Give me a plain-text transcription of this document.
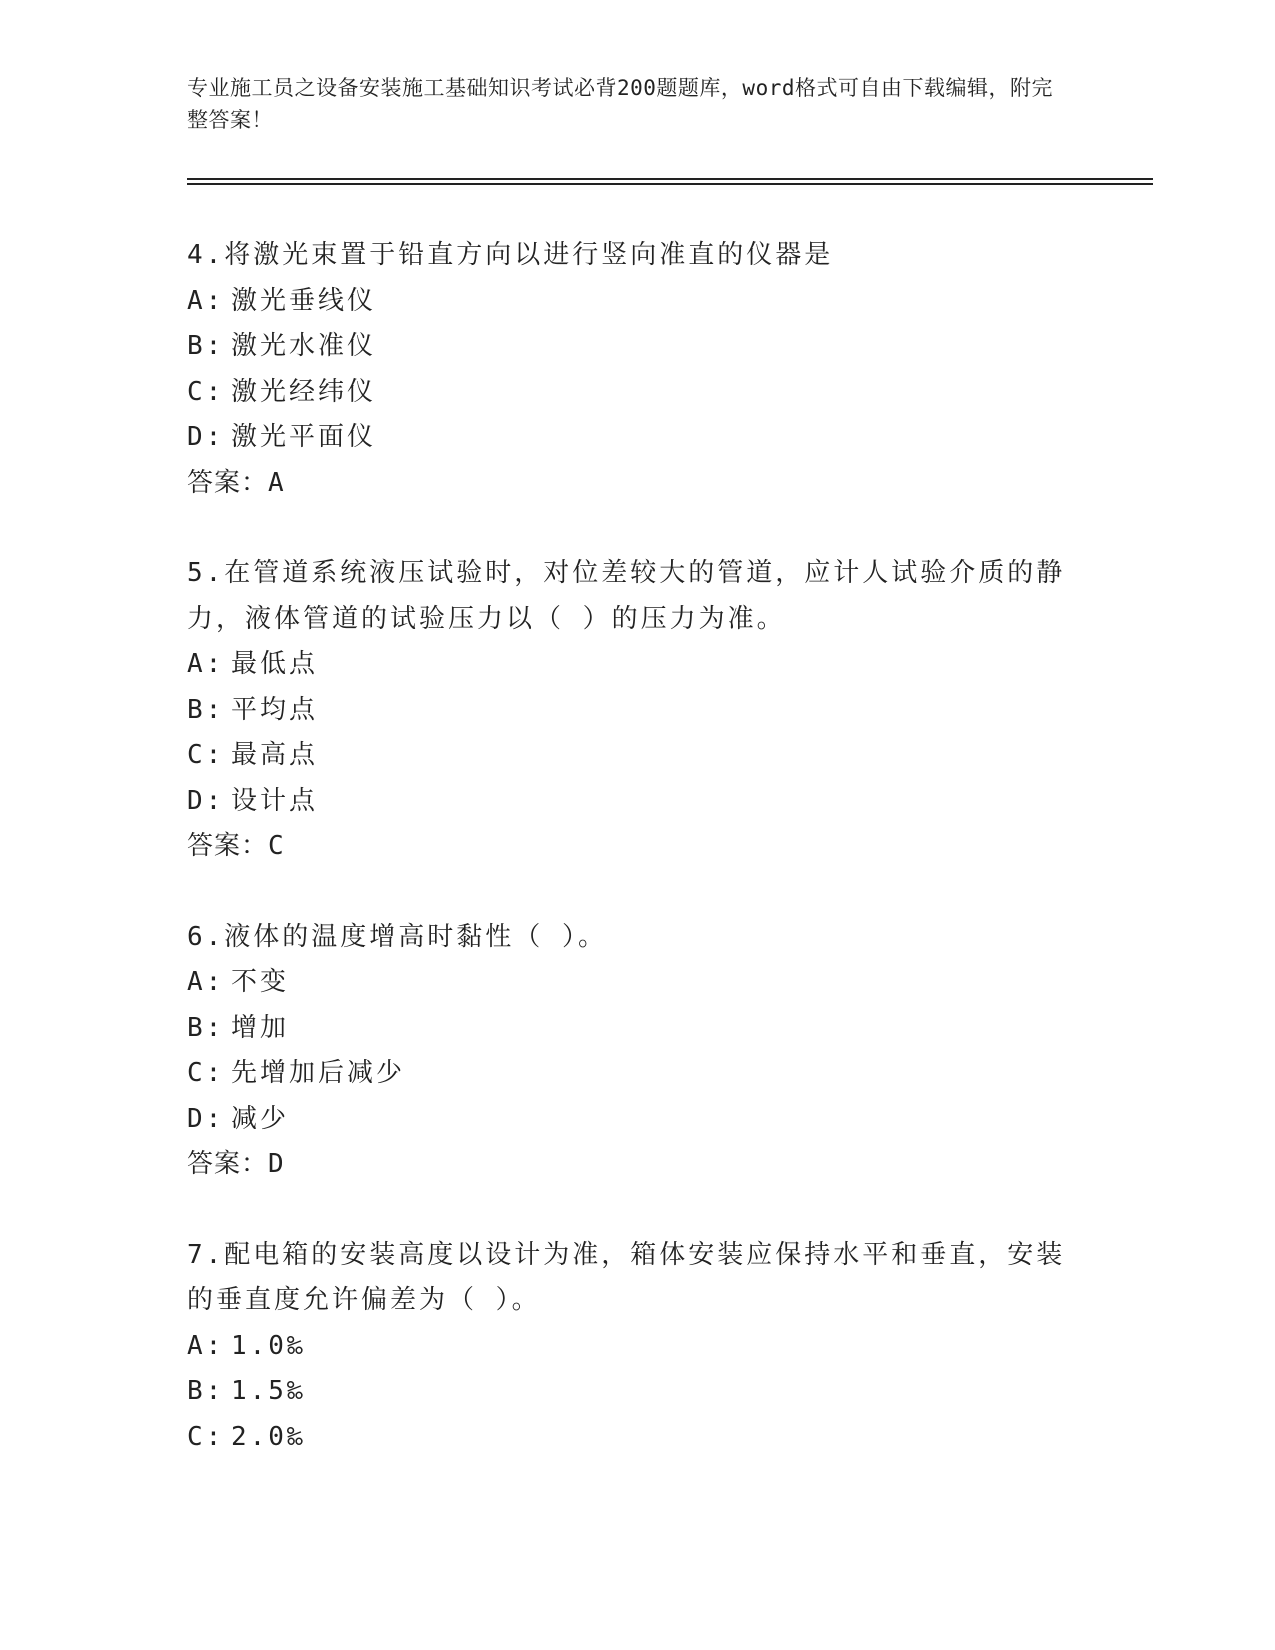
专业施工员之设备安装施工基础知识考试必背200题题库，word格式可自由下载编辑，附完整答案！
4.将激光束置于铅直方向以进行竖向准直的仪器是
A: 激光垂线仪
B: 激光水准仪
C: 激光经纬仪
D: 激光平面仪
答案：A
5.在管道系统液压试验时，对位差较大的管道，应计人试验介质的静力，液体管道的试验压力以（ ）的压力为准。
A: 最低点
B: 平均点
C: 最高点
D: 设计点
答案：C
6.液体的温度增高时黏性（ ）。
A: 不变
B: 增加
C: 先增加后减少
D: 减少
答案：D
7.配电箱的安装高度以设计为准，箱体安装应保持水平和垂直，安装的垂直度允许偏差为（ ）。
A: 1.0‰
B: 1.5‰
C: 2.0‰
